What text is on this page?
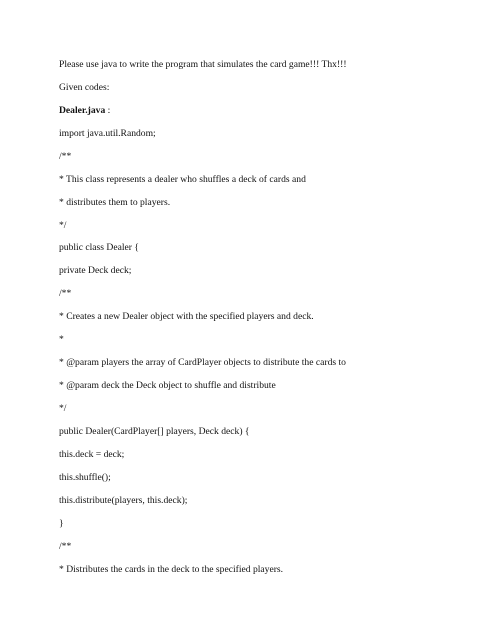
Please use java to write the program that simulates the card game!!! Thx!!!
Given codes:
Dealer.java :
import java.util.Random;
/**
* This class represents a dealer who shuffles a deck of cards and
* distributes them to players.
*/
public class Dealer {
private Deck deck;
/**
* Creates a new Dealer object with the specified players and deck.
*
* @param players the array of CardPlayer objects to distribute the cards to
* @param deck the Deck object to shuffle and distribute
*/
public Dealer(CardPlayer[] players, Deck deck) {
this.deck = deck;
this.shuffle();
this.distribute(players, this.deck);
}
/**
* Distributes the cards in the deck to the specified players.
